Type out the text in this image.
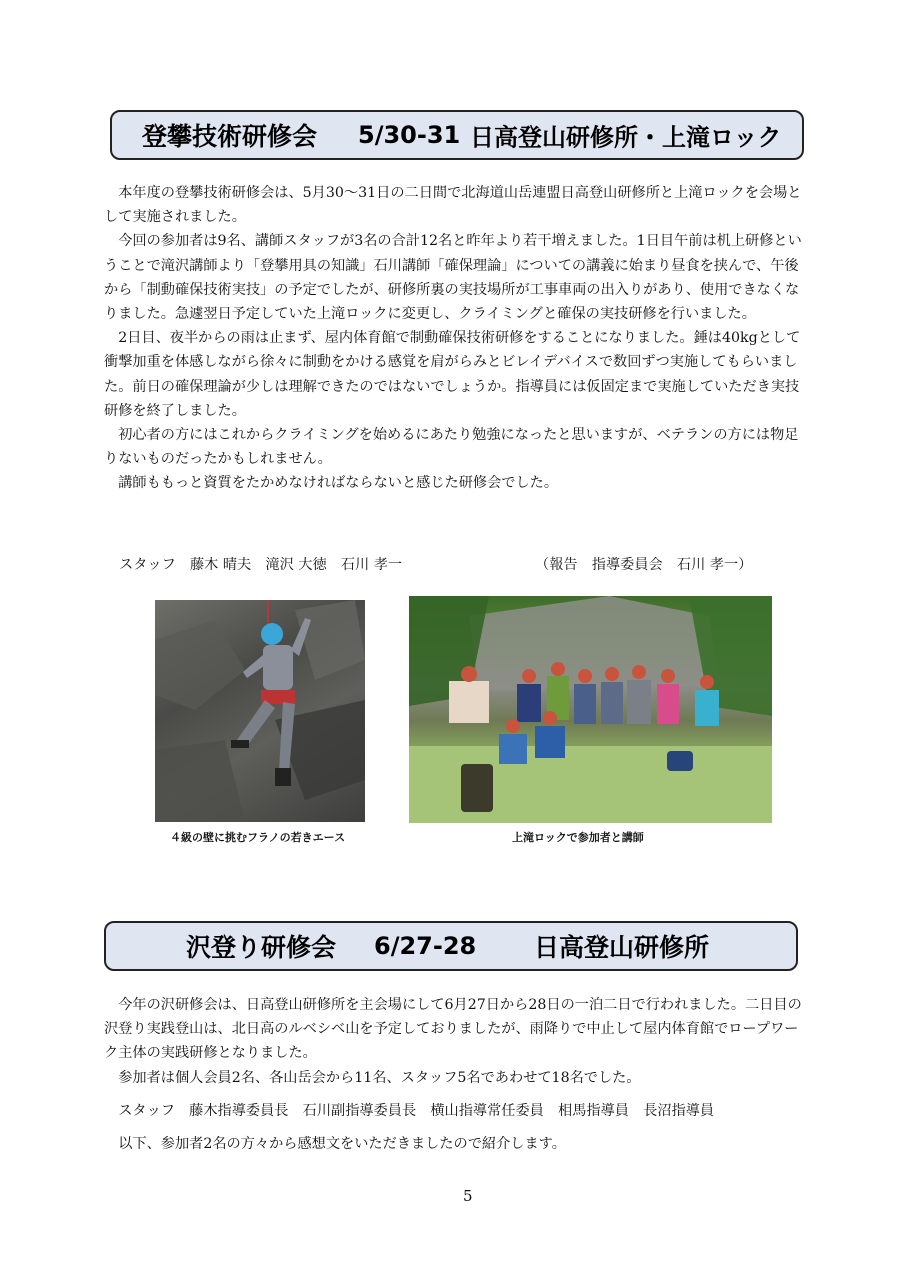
登攀技術研修会 5/30-31 日高登山研修所・上滝ロック

本年度の登攀技術研修会は、5月30〜31日の二日間で北海道山岳連盟日高登山研修所と上滝ロックを会場として実施されました。

今回の参加者は9名、講師スタッフが3名の合計12名と昨年より若干増えました。1日目午前は机上研修ということで滝沢講師より「登攀用具の知識」石川講師「確保理論」についての講義に始まり昼食を挟んで、午後から「制動確保技術実技」の予定でしたが、研修所裏の実技場所が工事車両の出入りがあり、使用できなくなりました。急遽翌日予定していた上滝ロックに変更し、クライミングと確保の実技研修を行いました。

2日目、夜半からの雨は止まず、屋内体育館で制動確保技術研修をすることになりました。錘は40kgとして衝撃加重を体感しながら徐々に制動をかける感覚を肩がらみとビレイデバイスで数回ずつ実施してもらいました。前日の確保理論が少しは理解できたのではないでしょうか。指導員には仮固定まで実施していただき実技研修を終了しました。

初心者の方にはこれからクライミングを始めるにあたり勉強になったと思いますが、ベテランの方には物足りないものだったかもしれません。

講師ももっと資質をたかめなければならないと感じた研修会でした。

スタッフ　藤木 晴夫　滝沢 大徳　石川 孝一	（報告　指導委員会　石川 孝一）
４級の壁に挑むフラノの若きエース	上滝ロックで参加者と講師
沢登り研修会 6/27-28 日高登山研修所

今年の沢研修会は、日高登山研修所を主会場にして6月27日から28日の一泊二日で行われました。二日目の沢登り実践登山は、北日高のルベシベ山を予定しておりましたが、雨降りで中止して屋内体育館でロープワーク主体の実践研修となりました。

参加者は個人会員2名、各山岳会から11名、スタッフ5名であわせて18名でした。

スタッフ　藤木指導委員長　石川副指導委員長　横山指導常任委員　相馬指導員　長沼指導員

以下、参加者2名の方々から感想文をいただきましたので紹介します。

5
